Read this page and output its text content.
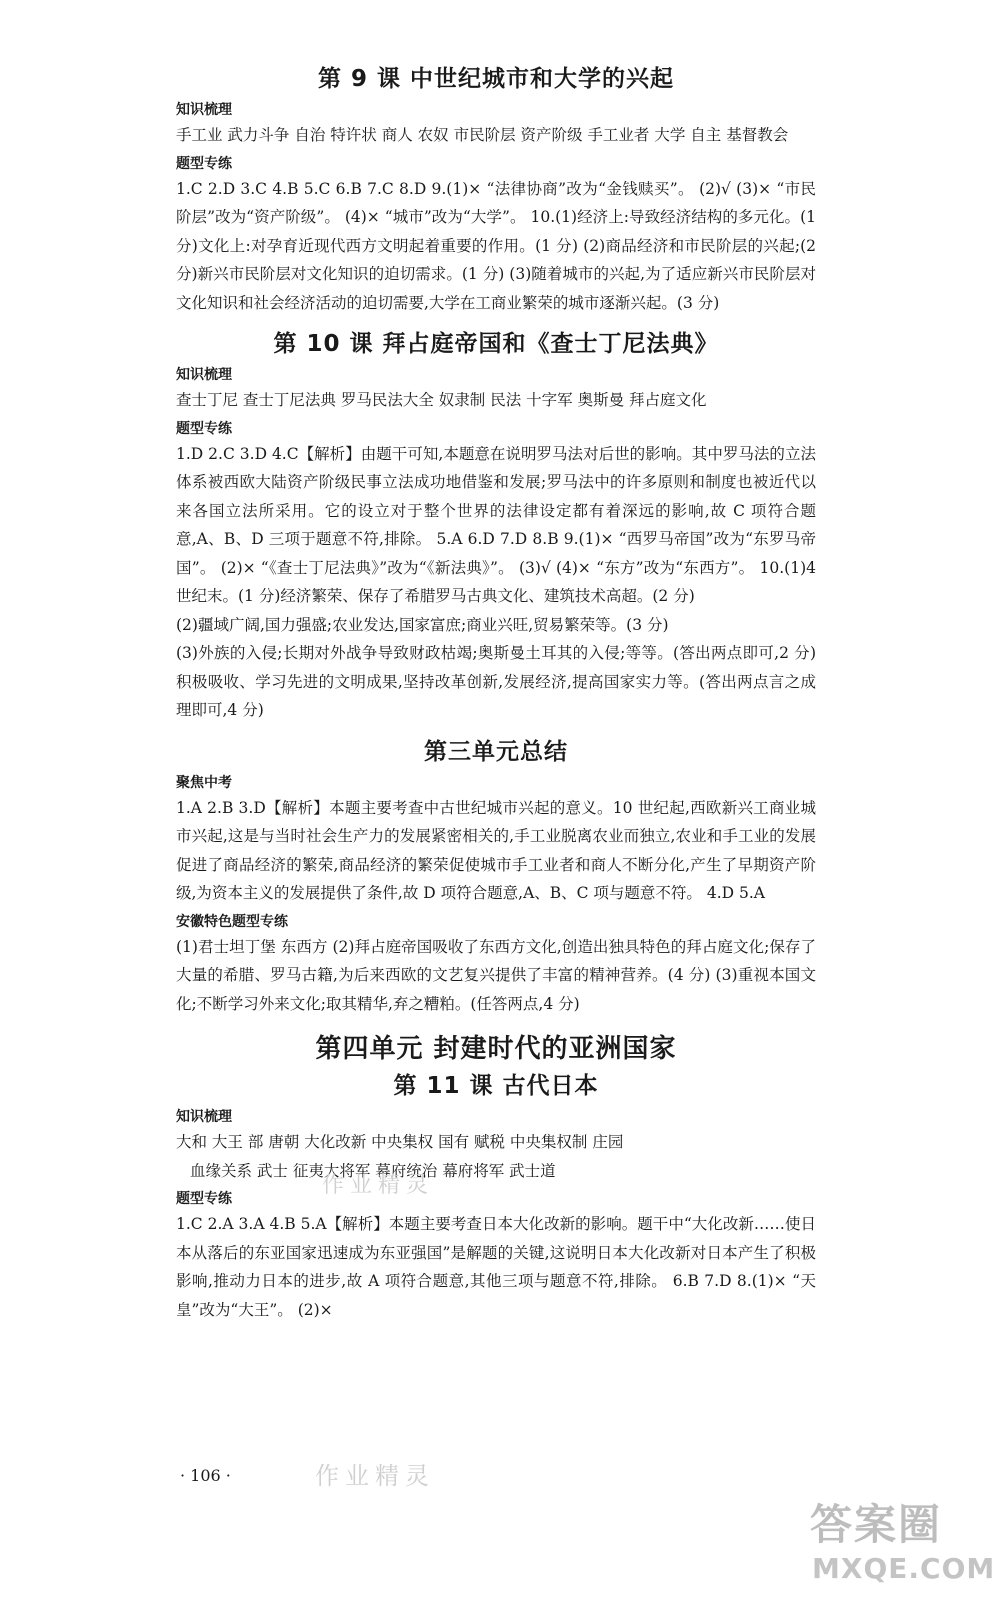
第 9 课 中世纪城市和大学的兴起
知识梳理

手工业 武力斗争 自治 特许状 商人 农奴 市民阶层 资产阶级 手工业者 大学 自主 基督教会

题型专练

1.C 2.D 3.C 4.B 5.C 6.B 7.C 8.D 9.(1)× “法律协商”改为“金钱赎买”。 (2)√ (3)× “市民阶层”改为“资产阶级”。 (4)× “城市”改为“大学”。 10.(1)经济上:导致经济结构的多元化。(1 分)文化上:对孕育近现代西方文明起着重要的作用。(1 分) (2)商品经济和市民阶层的兴起;(2 分)新兴市民阶层对文化知识的迫切需求。(1 分) (3)随着城市的兴起,为了适应新兴市民阶层对文化知识和社会经济活动的迫切需要,大学在工商业繁荣的城市逐渐兴起。(3 分)

第 10 课 拜占庭帝国和《查士丁尼法典》
知识梳理

查士丁尼 查士丁尼法典 罗马民法大全 奴隶制 民法 十字军 奥斯曼 拜占庭文化

题型专练

1.D 2.C 3.D 4.C【解析】由题干可知,本题意在说明罗马法对后世的影响。其中罗马法的立法体系被西欧大陆资产阶级民事立法成功地借鉴和发展;罗马法中的许多原则和制度也被近代以来各国立法所采用。它的设立对于整个世界的法律设定都有着深远的影响,故 C 项符合题意,A、B、D 三项于题意不符,排除。 5.A 6.D 7.D 8.B 9.(1)× “西罗马帝国”改为“东罗马帝国”。 (2)× “《查士丁尼法典》”改为“《新法典》”。 (3)√ (4)× “东方”改为“东西方”。 10.(1)4 世纪末。(1 分)经济繁荣、保存了希腊罗马古典文化、建筑技术高超。(2 分)

(2)疆域广阔,国力强盛;农业发达,国家富庶;商业兴旺,贸易繁荣等。(3 分)

(3)外族的入侵;长期对外战争导致财政枯竭;奥斯曼土耳其的入侵;等等。(答出两点即可,2 分)积极吸收、学习先进的文明成果,坚持改革创新,发展经济,提高国家实力等。(答出两点言之成理即可,4 分)

第三单元总结
聚焦中考

1.A 2.B 3.D【解析】本题主要考查中古世纪城市兴起的意义。10 世纪起,西欧新兴工商业城市兴起,这是与当时社会生产力的发展紧密相关的,手工业脱离农业而独立,农业和手工业的发展促进了商品经济的繁荣,商品经济的繁荣促使城市手工业者和商人不断分化,产生了早期资产阶级,为资本主义的发展提供了条件,故 D 项符合题意,A、B、C 项与题意不符。 4.D 5.A

安徽特色题型专练

(1)君士坦丁堡 东西方 (2)拜占庭帝国吸收了东西方文化,创造出独具特色的拜占庭文化;保存了大量的希腊、罗马古籍,为后来西欧的文艺复兴提供了丰富的精神营养。(4 分) (3)重视本国文化;不断学习外来文化;取其精华,弃之糟粕。(任答两点,4 分)

第四单元 封建时代的亚洲国家
第 11 课 古代日本
知识梳理

大和 大王 部 唐朝 大化改新 中央集权 国有 赋税 中央集权制 庄园

血缘关系 武士 征夷大将军 幕府统治 幕府将军 武士道

题型专练

1.C 2.A 3.A 4.B 5.A【解析】本题主要考查日本大化改新的影响。题干中“大化改新……使日本从落后的东亚国家迅速成为东亚强国”是解题的关键,这说明日本大化改新对日本产生了积极影响,推动力日本的进步,故 A 项符合题意,其他三项与题意不符,排除。 6.B 7.D 8.(1)× “天皇”改为“大王”。 (2)×

作业精灵
· 106 ·	作业精灵
答案圈
MXQE.COM
